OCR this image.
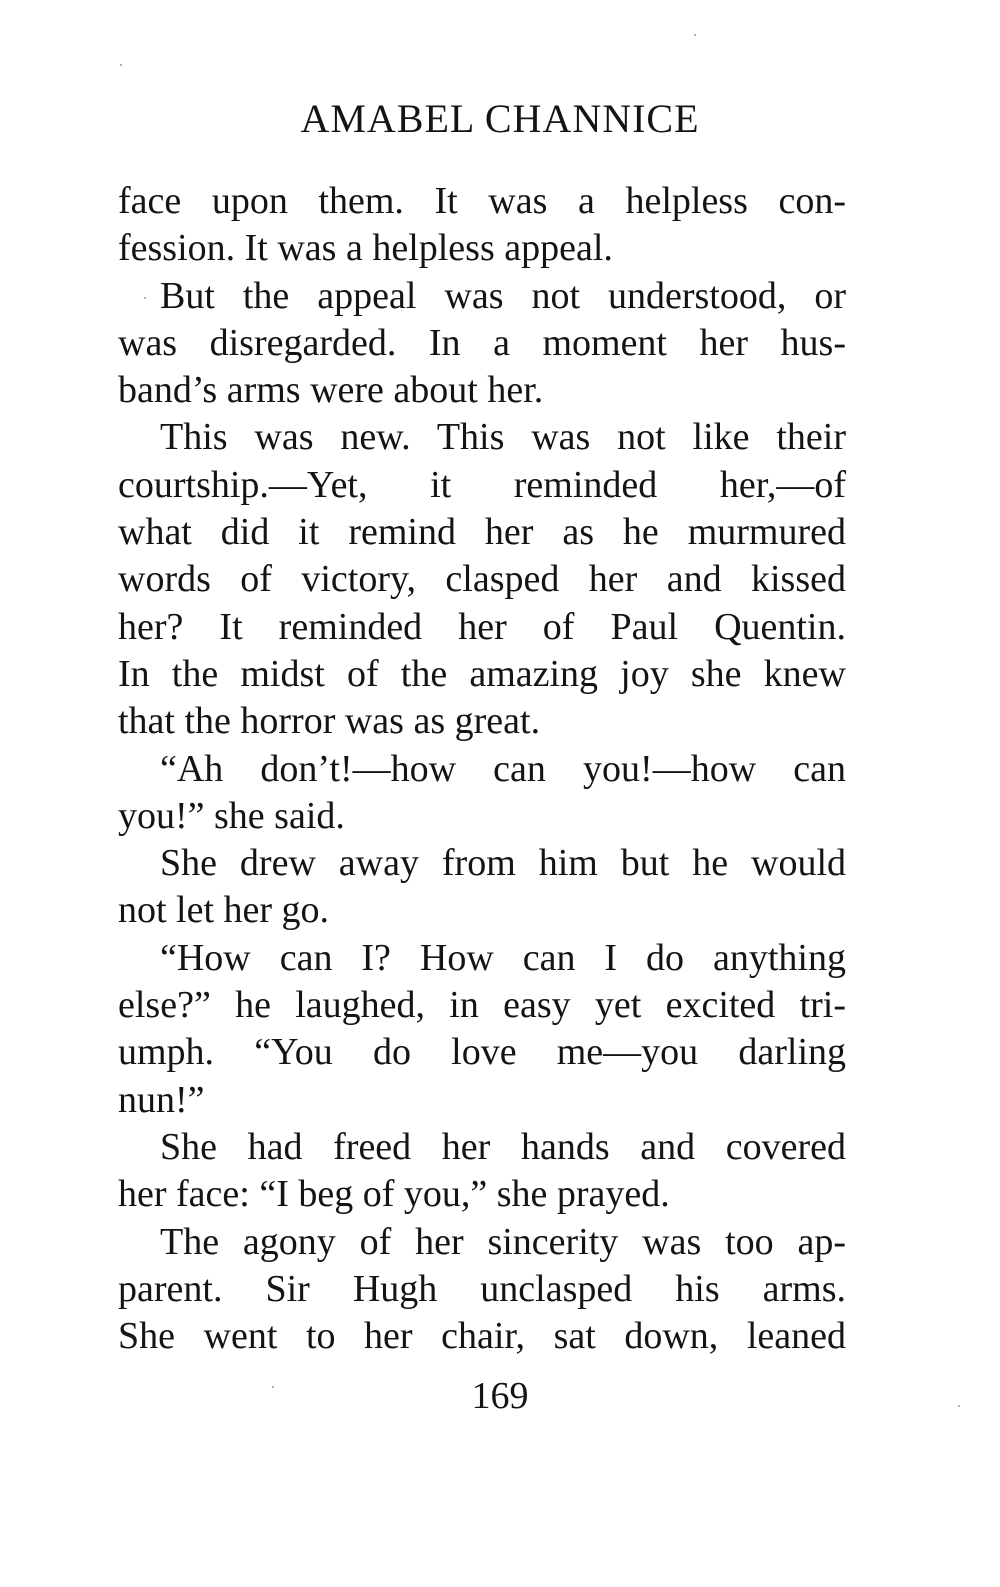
AMABEL CHANNICE
face upon them. It was a helpless con-
fession. It was a helpless appeal.
But the appeal was not understood, or
was disregarded. In a moment her hus-
band’s arms were about her.
This was new. This was not like their
courtship.—Yet, it reminded her,—of
what did it remind her as he murmured
words of victory, clasped her and kissed
her? It reminded her of Paul Quentin.
In the midst of the amazing joy she knew
that the horror was as great.
“Ah don’t!—how can you!—how can
you!” she said.
She drew away from him but he would
not let her go.
“How can I? How can I do anything
else?” he laughed, in easy yet excited tri-
umph. “You do love me—you darling
nun!”
She had freed her hands and covered
her face: “I beg of you,” she prayed.
The agony of her sincerity was too ap-
parent. Sir Hugh unclasped his arms.
She went to her chair, sat down, leaned
169
